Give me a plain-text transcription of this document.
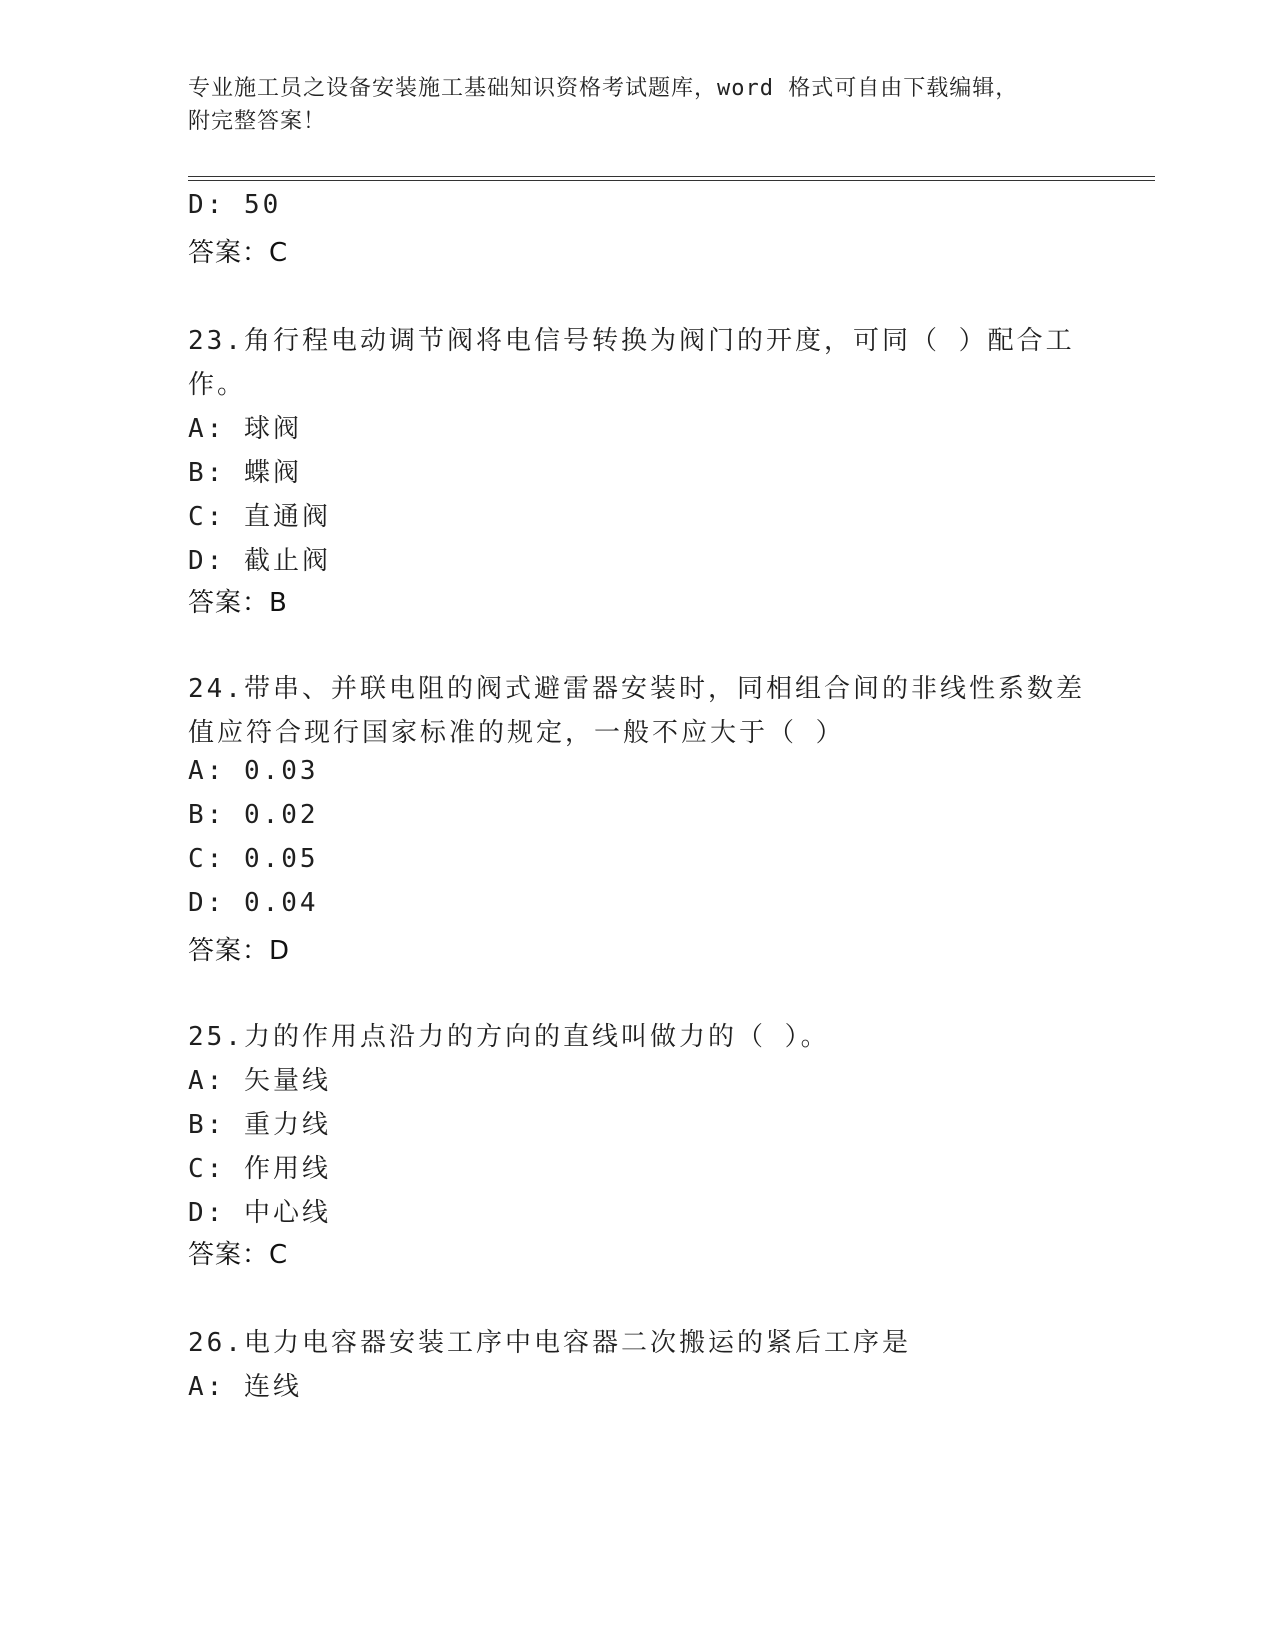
专业施工员之设备安装施工基础知识资格考试题库，word 格式可自由下载编辑，
附完整答案！
D: 50
答案：C
23.角行程电动调节阀将电信号转换为阀门的开度，可同（ ）配合工
作。
A: 球阀
B: 蝶阀
C: 直通阀
D: 截止阀
答案：B
24.带串、并联电阻的阀式避雷器安装时，同相组合间的非线性系数差
值应符合现行国家标准的规定，一般不应大于（ ）
A: 0.03
B: 0.02
C: 0.05
D: 0.04
答案：D
25.力的作用点沿力的方向的直线叫做力的（ ）。
A: 矢量线
B: 重力线
C: 作用线
D: 中心线
答案：C
26.电力电容器安装工序中电容器二次搬运的紧后工序是
A: 连线
